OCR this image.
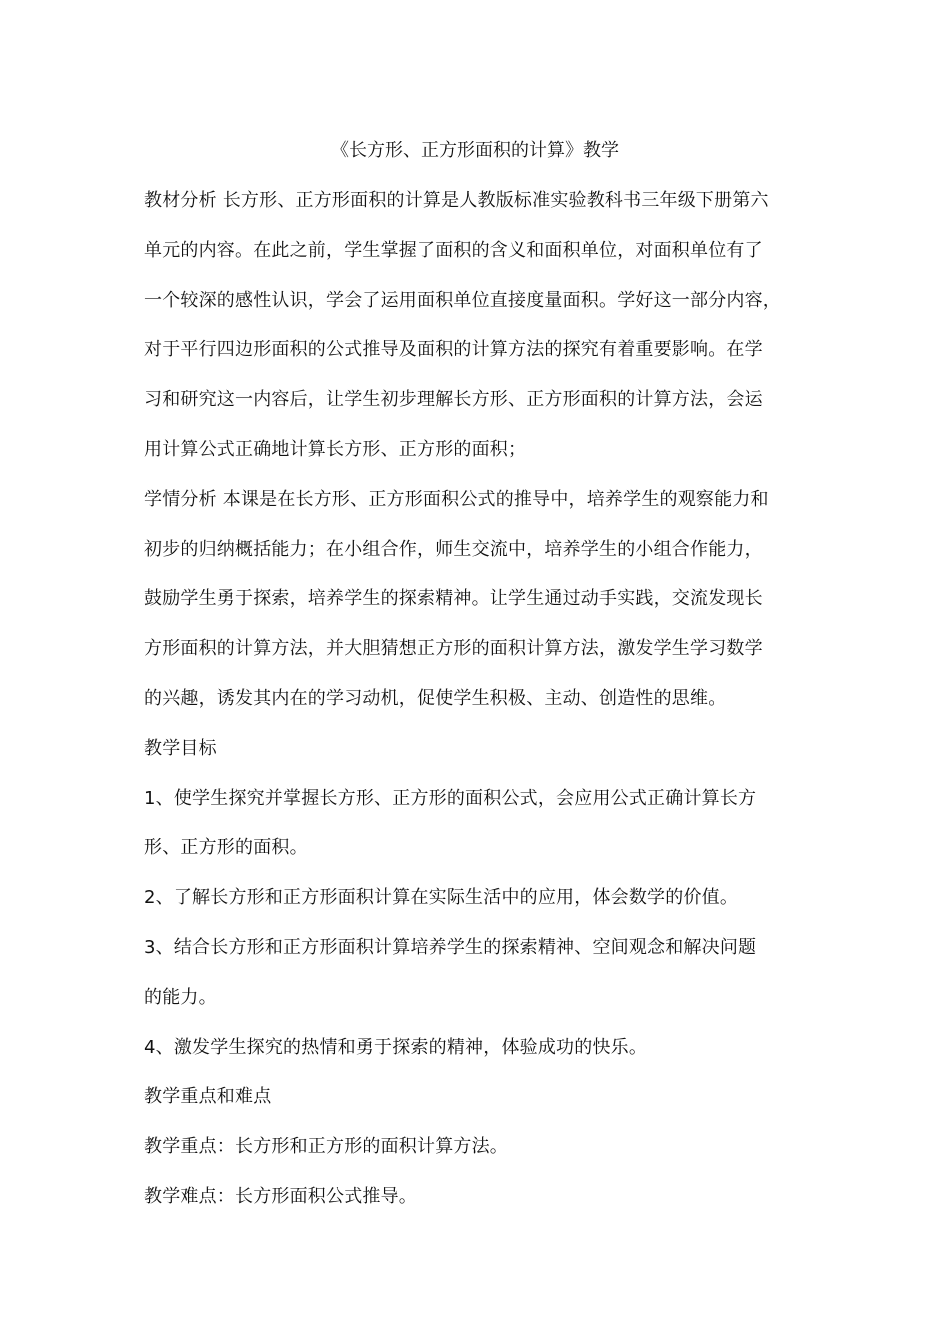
《长方形、正方形面积的计算》教学
教材分析 长方形、正方形面积的计算是人教版标准实验教科书三年级下册第六
单元的内容。在此之前，学生掌握了面积的含义和面积单位，对面积单位有了
一个较深的感性认识，学会了运用面积单位直接度量面积。学好这一部分内容，
对于平行四边形面积的公式推导及面积的计算方法的探究有着重要影响。在学
习和研究这一内容后，让学生初步理解长方形、正方形面积的计算方法，会运
用计算公式正确地计算长方形、正方形的面积；
学情分析 本课是在长方形、正方形面积公式的推导中，培养学生的观察能力和
初步的归纳概括能力；在小组合作，师生交流中，培养学生的小组合作能力，
鼓励学生勇于探索，培养学生的探索精神。让学生通过动手实践，交流发现长
方形面积的计算方法，并大胆猜想正方形的面积计算方法，激发学生学习数学
的兴趣，诱发其内在的学习动机，促使学生积极、主动、创造性的思维。
教学目标
1、使学生探究并掌握长方形、正方形的面积公式，会应用公式正确计算长方
形、正方形的面积。
2、了解长方形和正方形面积计算在实际生活中的应用，体会数学的价值。
3、结合长方形和正方形面积计算培养学生的探索精神、空间观念和解决问题
的能力。
4、激发学生探究的热情和勇于探索的精神，体验成功的快乐。
教学重点和难点
教学重点：长方形和正方形的面积计算方法。
教学难点：长方形面积公式推导。
